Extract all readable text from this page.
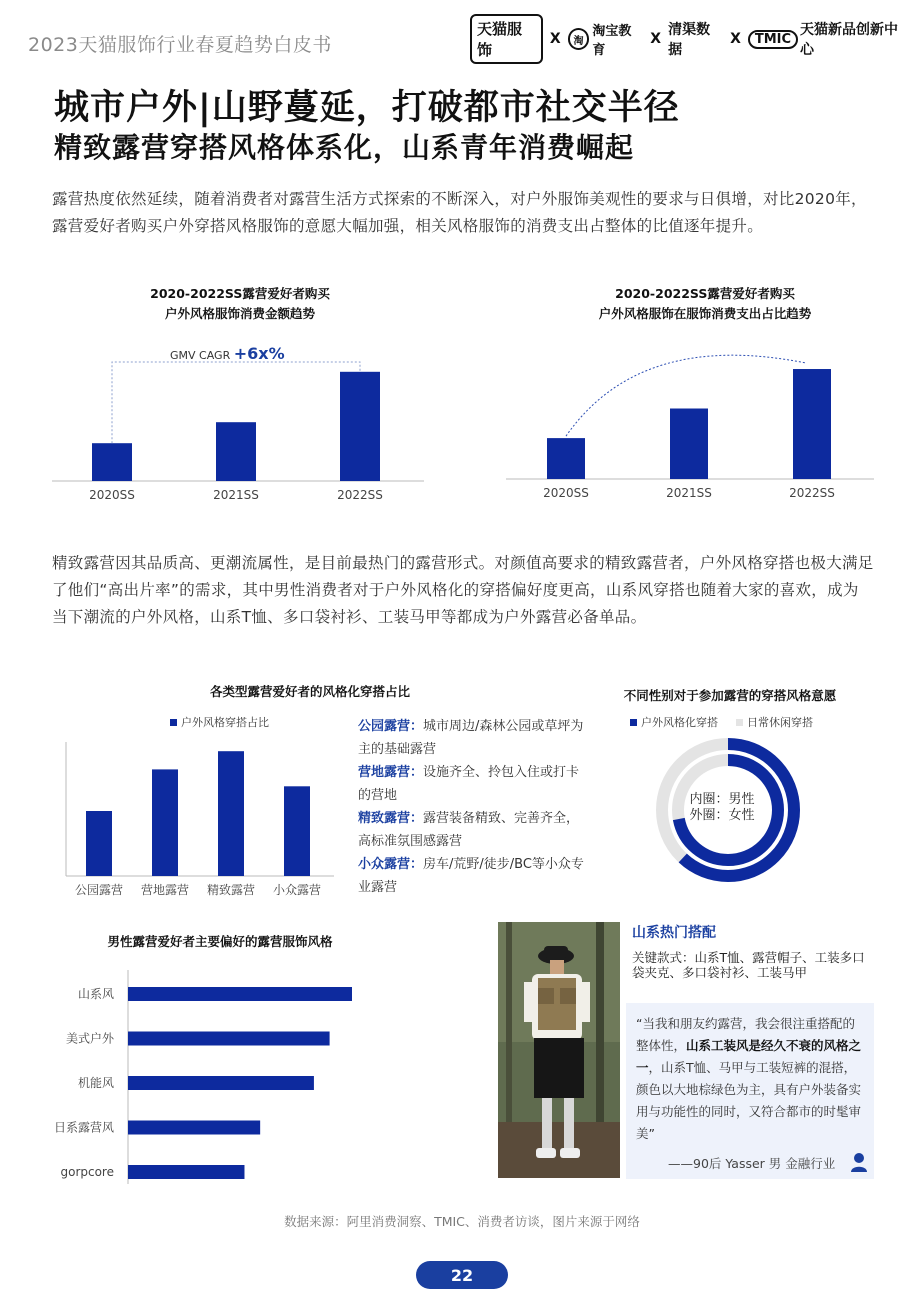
2023天猫服饰行业春夏趋势白皮书
天猫服饰
X	淘
淘宝教育
X
清渠数据
X	TMIC
天猫新品创新中心
城市户外|山野蔓延，打破都市社交半径
精致露营穿搭风格体系化，山系青年消费崛起
露营热度依然延续，随着消费者对露营生活方式探索的不断深入，对户外服饰美观性的要求与日俱增，对比2020年，露营爱好者购买户外穿搭风格服饰的意愿大幅加强，相关风格服饰的消费支出占整体的比值逐年提升。
2020-2022SS露营爱好者购买
户外风格服饰消费金额趋势
GMV CAGR +6x%
2020-2022SS露营爱好者购买
户外风格服饰在服饰消费支出占比趋势
2020SS	2021SS	2022SS	2020SS	2021SS	2022SS
公园露营 营地露营 精致露营 小众露营
山系风
美式户外
机能风
日系露营风
gorpcore
精致露营因其品质高、更潮流属性，是目前最热门的露营形式。对颜值高要求的精致露营者，户外风格穿搭也极大满足了他们“高出片率”的需求，其中男性消费者对于户外风格化的穿搭偏好度更高，山系风穿搭也随着大家的喜欢，成为当下潮流的户外风格，山系T恤、多口袋衬衫、工装马甲等都成为户外露营必备单品。
各类型露营爱好者的风格化穿搭占比
户外风格穿搭占比	公园露营：城市周边/森林公园或草坪为主的基础露营
营地露营：设施齐全、拎包入住或打卡的营地
精致露营：露营装备精致、完善齐全，高标准氛围感露营
小众露营：房车/荒野/徒步/BC等小众专业露营
不同性别对于参加露营的穿搭风格意愿
户外风格化穿搭	日常休闲穿搭
内圈：男性
外圈：女性
男性露营爱好者主要偏好的露营服饰风格
山系热门搭配
关键款式：山系T恤、露营帽子、工装多口袋夹克、多口袋衬衫、工装马甲
“当我和朋友约露营，我会很注重搭配的整体性，山系工装风是经久不衰的风格之一，山系T恤、马甲与工装短裤的混搭，颜色以大地棕绿色为主，具有户外装备实用与功能性的同时，又符合都市的时髦审美”
——90后 Yasser 男 金融行业
数据来源：阿里消费洞察、TMIC、消费者访谈，图片来源于网络
22
